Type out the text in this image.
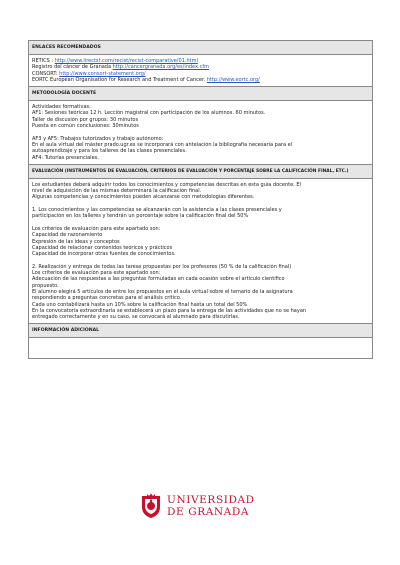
ENLACES RECOMENDADOS
RETICS : http://www.lirectst.com/recist/recist-comparative/01.html
Registro del cáncer de Granada http://cancergranada.org/es/index.cfm
CONSORT: http://www.consort-statement.org/
EORTC European Organisation for Research and Treatment of Cancer. http://www.eortc.org/
METODOLOGÍA DOCENTE
Actividades formativas:
AF1: Sesiones teóricas 12 h. Lección magistral con participación de los alumnos. 60 minutos.
Taller de discusión por grupos: 30 minutos
Puesta en común conclusiones: 30minutos
AF3 y AF5: Trabajos tutorizados y trabajo autónomo:
En el aula virtual del máster prado.ugr.es se incorporará con antelación la bibliografía necesaria para el
autoaprendizaje y para los talleres de las clases presenciales.
AF4: Tutorías presenciales.
EVALUACIÓN (INSTRUMENTOS DE EVALUACIÓN, CRITERIOS DE EVALUACIÓN Y PORCENTAJE SOBRE LA CALIFICACIÓN FINAL, ETC.)
Los estudiantes deberá adquirir todos los conocimientos y competencias descritas en esta guía docente. El
nivel de adquisición de las mismas determinará la calificación final.
Algunas competencias y conocimientos pueden alcanzarse con metodologías diferentes.
1. Los conocimientos y las competencias se alcanzarán con la asistencia a las clases presenciales y
participación en los talleres y tendrán un porcentaje sobre la calificación final del 50%
Los criterios de evaluación para este apartado son:
Capacidad de razonamiento
Expresión de las ideas y conceptos
Capacidad de relacionar contenidos teóricos y prácticos
Capacidad de incorporar otras fuentes de conocimientos.
2. Realización y entrega de todas las tareas propuestas por los profesores (50 % de la calificación final)
Los criterios de evaluación para este apartado son:
Adecuación de las respuestas a las preguntas formuladas en cada ocasión sobre el artículo científico
propuesto.
El alumno elegirá 5 artículos de entre los propuestos en el aula virtual sobre el temario de la asignatura
respondiendo a preguntas concretas para el análisis crítico.
Cada uno contabilizará hasta un 10% sobre la calificación final hasta un total del 50%
En la convocatoria extraordinaria se establecerá un plazo para la entrega de las actividades que no se hayan
entregado correctamente y en su caso, se convocará al alumnado para discutirlas.
INFORMACIÓN ADICIONAL
UNIVERSIDAD
DE GRANADA
